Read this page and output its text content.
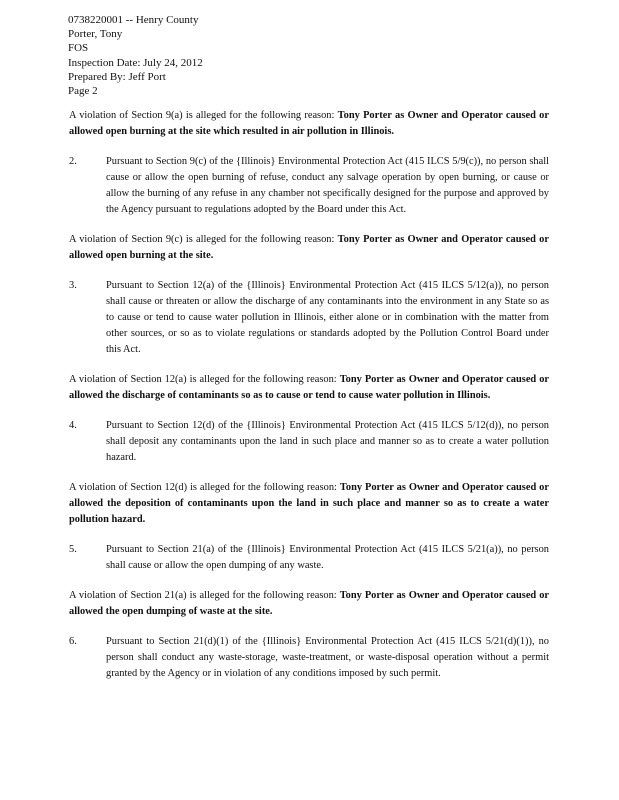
0738220001 -- Henry County
Porter, Tony
FOS
Inspection Date: July 24, 2012
Prepared By: Jeff Port
Page 2

A violation of Section 9(a) is alleged for the following reason: Tony Porter as Owner and Operator caused or allowed open burning at the site which resulted in air pollution in Illinois.

2.	Pursuant to Section 9(c) of the {Illinois} Environmental Protection Act (415 ILCS 5/9(c)), no person shall cause or allow the open burning of refuse, conduct any salvage operation by open burning, or cause or allow the burning of any refuse in any chamber not specifically designed for the purpose and approved by the Agency pursuant to regulations adopted by the Board under this Act.

A violation of Section 9(c) is alleged for the following reason: Tony Porter as Owner and Operator caused or allowed open burning at the site.

3.	Pursuant to Section 12(a) of the {Illinois} Environmental Protection Act (415 ILCS 5/12(a)), no person shall cause or threaten or allow the discharge of any contaminants into the environment in any State so as to cause or tend to cause water pollution in Illinois, either alone or in combination with the matter from other sources, or so as to violate regulations or standards adopted by the Pollution Control Board under this Act.

A violation of Section 12(a) is alleged for the following reason: Tony Porter as Owner and Operator caused or allowed the discharge of contaminants so as to cause or tend to cause water pollution in Illinois.

4.	Pursuant to Section 12(d) of the {Illinois} Environmental Protection Act (415 ILCS 5/12(d)), no person shall deposit any contaminants upon the land in such place and manner so as to create a water pollution hazard.

A violation of Section 12(d) is alleged for the following reason: Tony Porter as Owner and Operator caused or allowed the deposition of contaminants upon the land in such place and manner so as to create a water pollution hazard.

5.	Pursuant to Section 21(a) of the {Illinois} Environmental Protection Act (415 ILCS 5/21(a)), no person shall cause or allow the open dumping of any waste.

A violation of Section 21(a) is alleged for the following reason: Tony Porter as Owner and Operator caused or allowed the open dumping of waste at the site.

6.	Pursuant to Section 21(d)(1) of the {Illinois} Environmental Protection Act (415 ILCS 5/21(d)(1)), no person shall conduct any waste-storage, waste-treatment, or waste-disposal operation without a permit granted by the Agency or in violation of any conditions imposed by such permit.
